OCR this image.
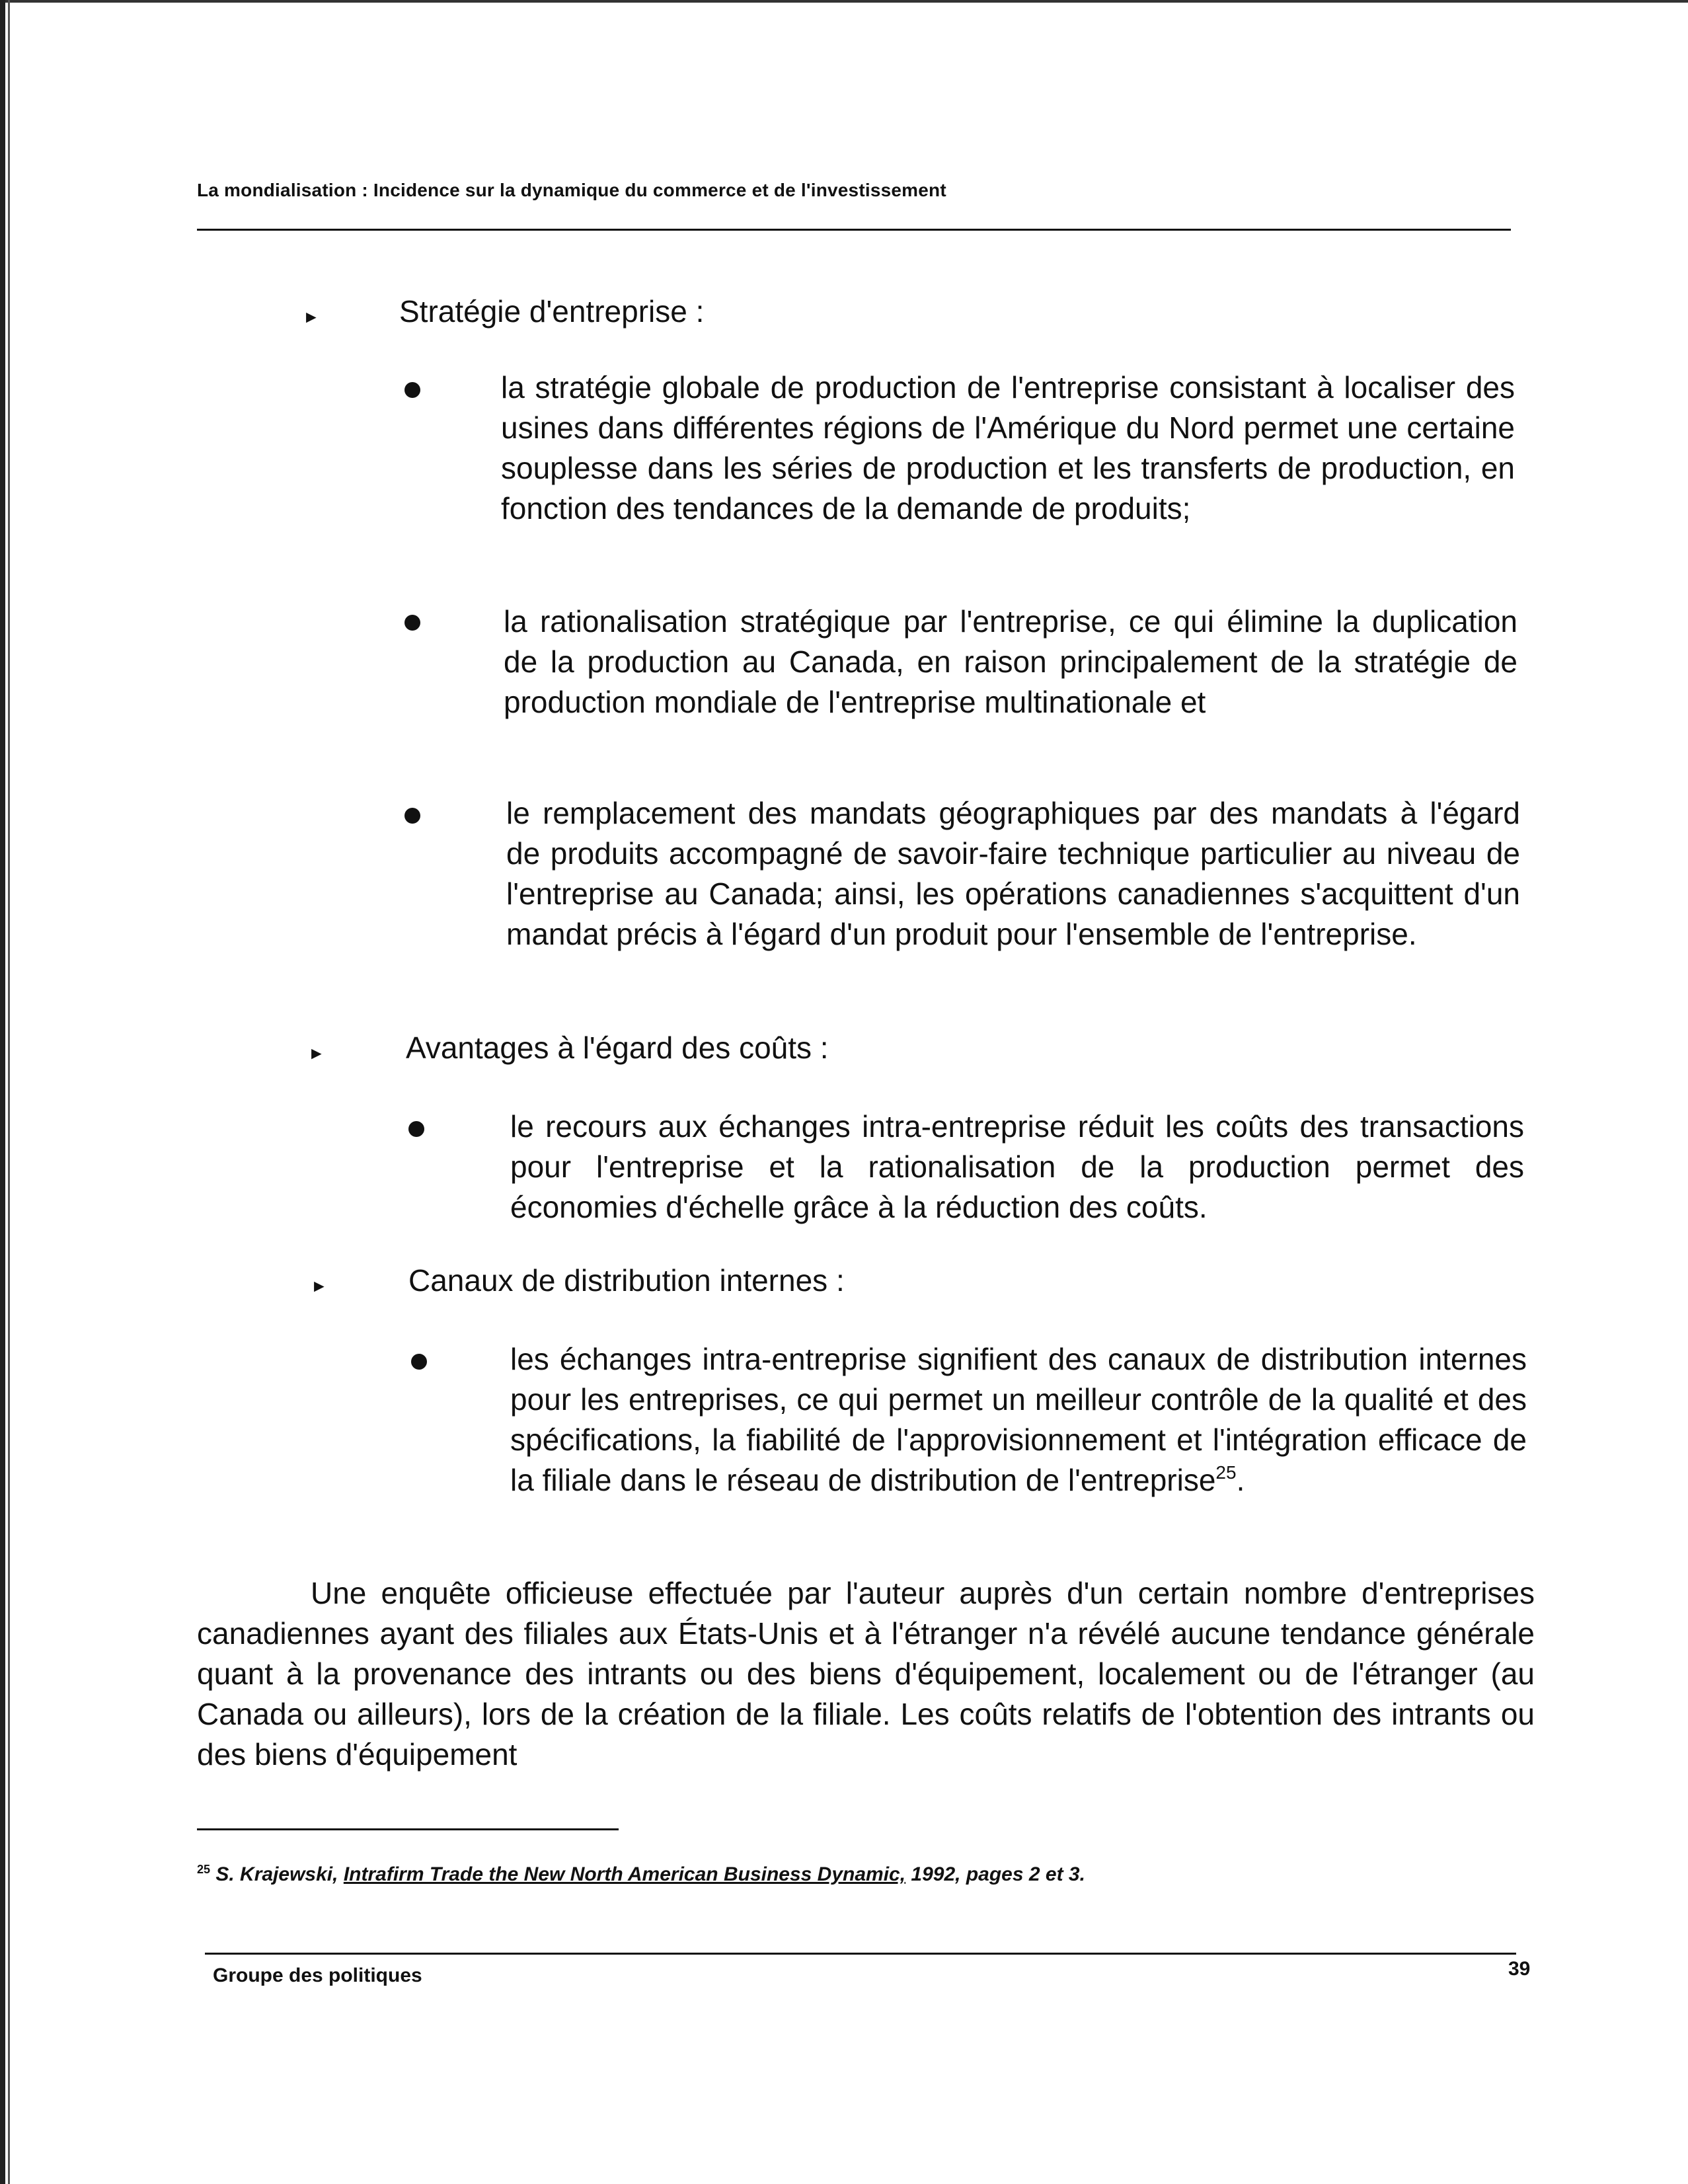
La mondialisation : Incidence sur la dynamique du commerce et de l'investissement
►	Stratégie d'entreprise :
la stratégie globale de production de l'entreprise consistant à localiser des usines dans différentes régions de l'Amérique du Nord permet une certaine souplesse dans les séries de production et les transferts de production, en fonction des tendances de la demande de produits;
la rationalisation stratégique par l'entreprise, ce qui élimine la duplication de la production au Canada, en raison principalement de la stratégie de production mondiale de l'entreprise multinationale et
le remplacement des mandats géographiques par des mandats à l'égard de produits accompagné de savoir-faire technique particulier au niveau de l'entreprise au Canada; ainsi, les opérations canadiennes s'acquittent d'un mandat précis à l'égard d'un produit pour l'ensemble de l'entreprise.
►	Avantages à l'égard des coûts :
le recours aux échanges intra-entreprise réduit les coûts des transactions pour l'entreprise et la rationalisation de la production permet des économies d'échelle grâce à la réduction des coûts.
►	Canaux de distribution internes :
les échanges intra-entreprise signifient des canaux de distribution internes pour les entreprises, ce qui permet un meilleur contrôle de la qualité et des spécifications, la fiabilité de l'approvisionnement et l'intégration efficace de la filiale dans le réseau de distribution de l'entreprise$^{25}$.
Une enquête officieuse effectuée par l'auteur auprès d'un certain nombre d'entreprises canadiennes ayant des filiales aux États-Unis et à l'étranger n'a révélé aucune tendance générale quant à la provenance des intrants ou des biens d'équipement, localement ou de l'étranger (au Canada ou ailleurs), lors de la création de la filiale. Les coûts relatifs de l'obtention des intrants ou des biens d'équipement
$^{25}$ S. Krajewski, Intrafirm Trade the New North American Business Dynamic, 1992, pages 2 et 3.
Groupe des politiques	39
